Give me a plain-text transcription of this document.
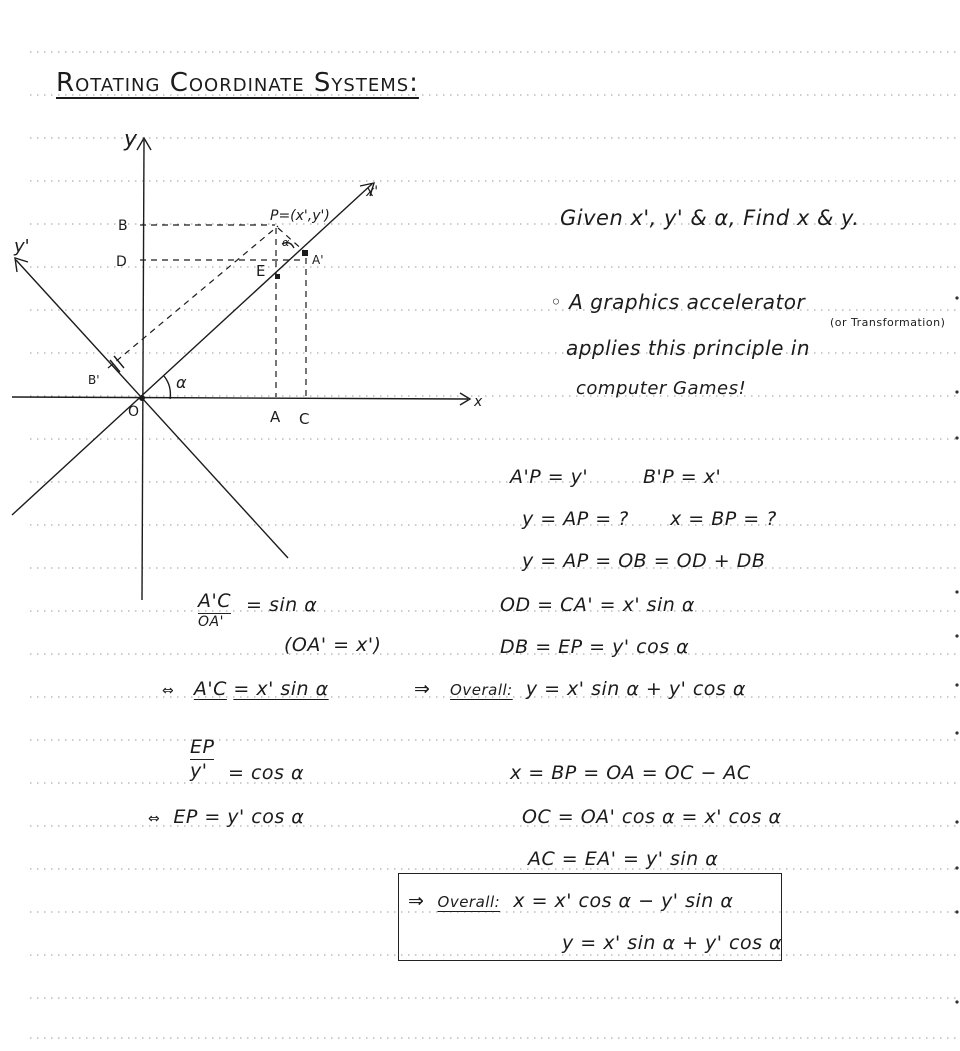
Rotating Coordinate Systems:
y
x
x'
y'
O
B
D
P=(x',y')
E
A'
B'
A C
α
α
Given x', y' & α, Find x & y.
◦ A graphics accelerator
(or Transformation)
applies this principle in
computer Games!
A'P = y'	B'P = x'
y = AP = ? x = BP = ?
y = AP = OB = OD + DB
OD = CA' = x' sin α
DB = EP = y' cos α
⇒ Overall: y = x' sin α + y' cos α
x = BP = OA = OC − AC
OC = OA' cos α = x' cos α
AC = EA' = y' sin α
⇒ Overall: x = x' cos α − y' sin α
y = x' sin α + y' cos α
A'C
OA'
= sin α
(OA' = x')
⇔ A'C = x' sin α
$\frac{EP}{y'} = \cos \alpha$
⇔ EP = y' cos α
